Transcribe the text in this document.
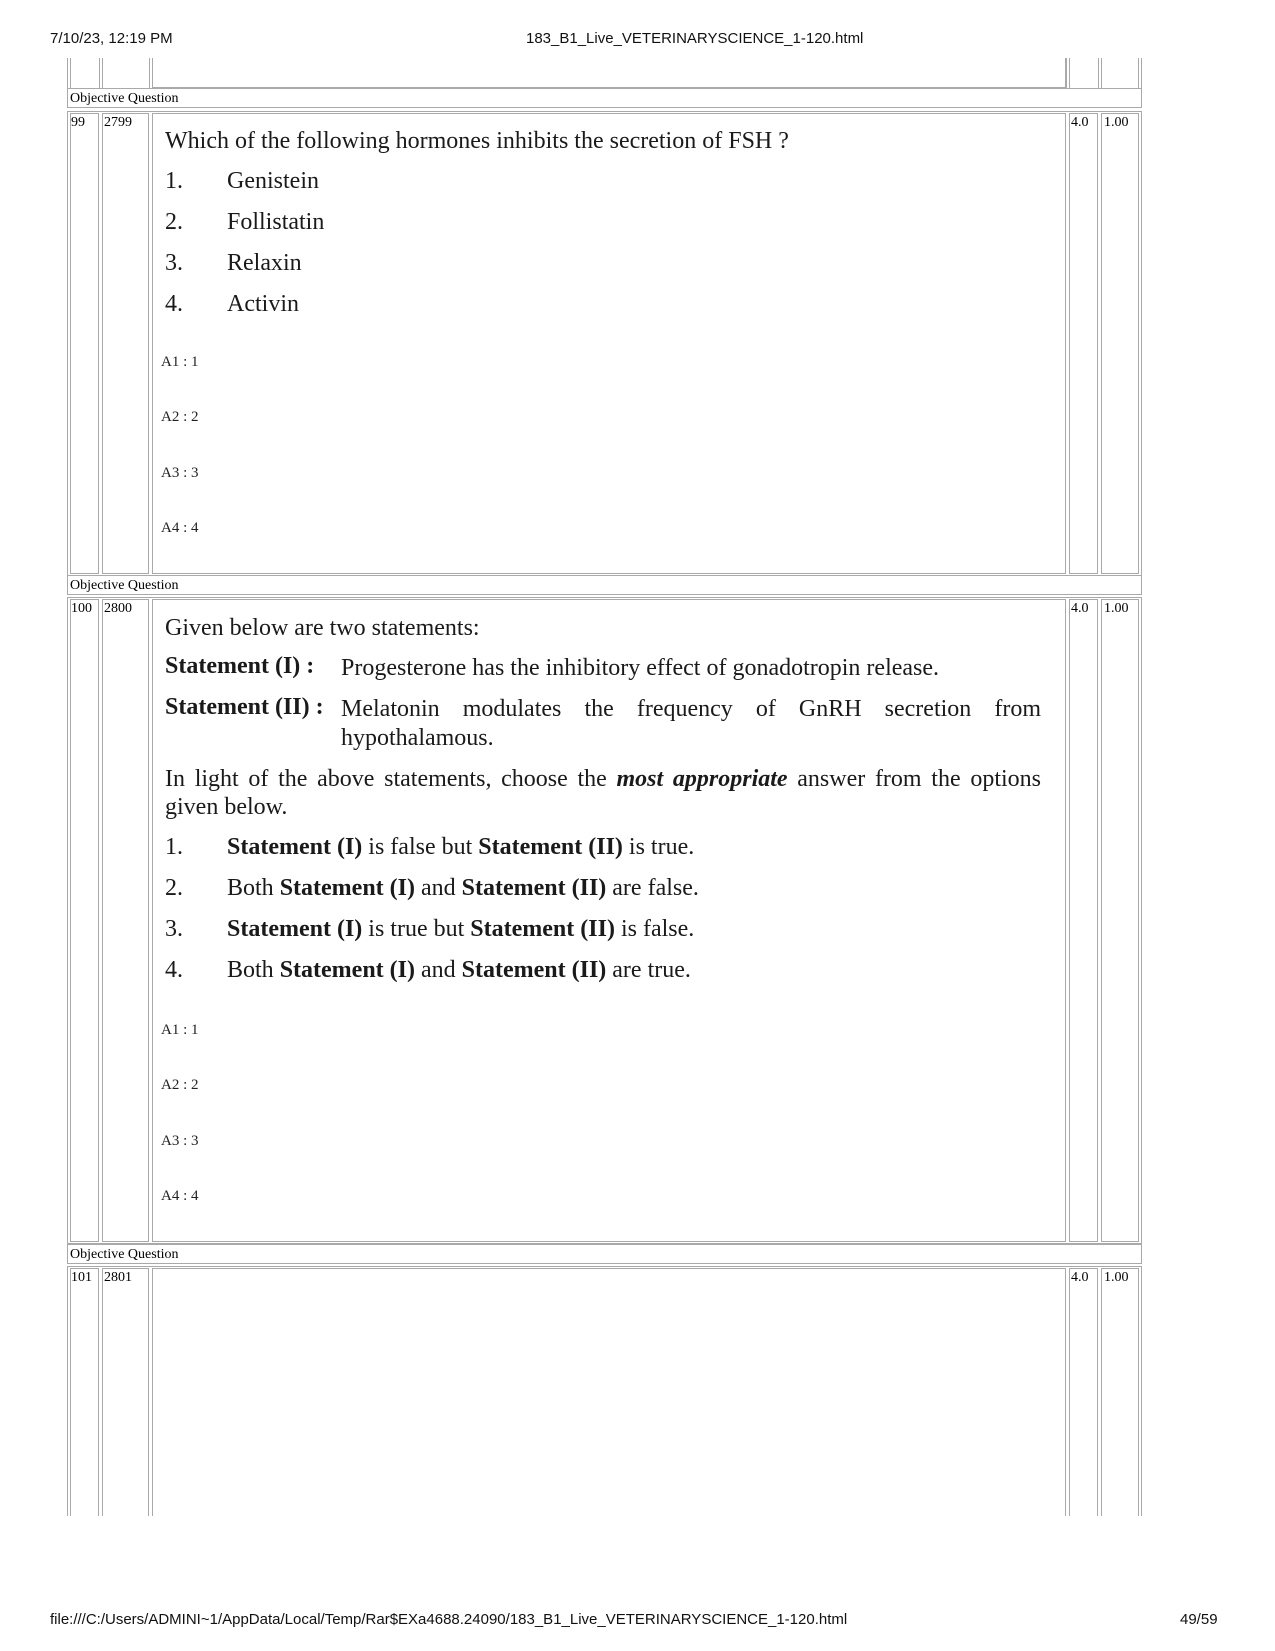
7/10/23, 12:19 PM	183_B1_Live_VETERINARYSCIENCE_1-120.html
Objective Question
99 2799	4.0 1.00
Which of the following hormones inhibits the secretion of FSH ?
1. Genistein
2. Follistatin
3. Relaxin
4. Activin
A1 : 1
A2 : 2
A3 : 3
A4 : 4
Objective Question
100 2800	4.0 1.00
Given below are two statements:
Statement (I) : Progesterone has the inhibitory effect of gonadotropin release.
Statement (II) : Melatonin modulates the frequency of GnRH secretion from
hypothalamous.
In light of the above statements, choose the most appropriate answer from the options
given below.
1. Statement (I) is false but Statement (II) is true.
2. Both Statement (I) and Statement (II) are false.
3. Statement (I) is true but Statement (II) is false.
4. Both Statement (I) and Statement (II) are true.
A1 : 1
A2 : 2
A3 : 3
A4 : 4
Objective Question
101 2801	4.0 1.00
file:///C:/Users/ADMINI~1/AppData/Local/Temp/Rar$EXa4688.24090/183_B1_Live_VETERINARYSCIENCE_1-120.html	49/59
